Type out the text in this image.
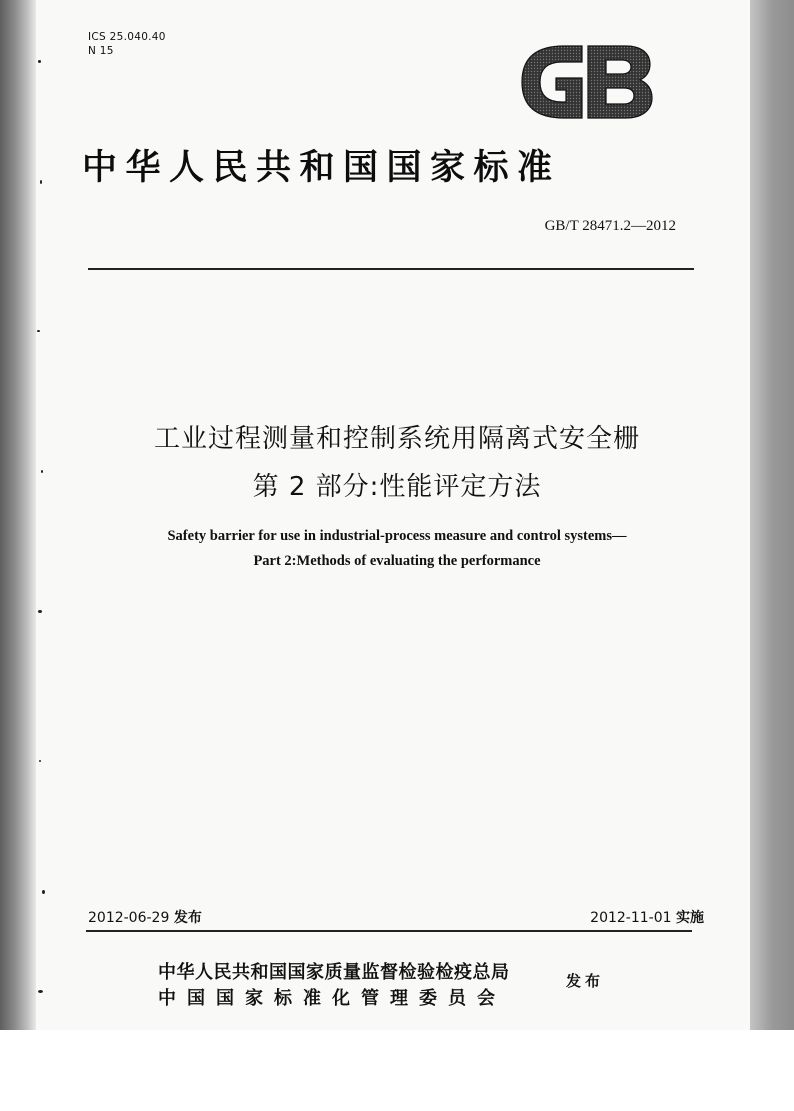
ICS 25.040.40
N 15
中华人民共和国国家标准
GB/T 28471.2—2012
工业过程测量和控制系统用隔离式安全栅
第 2 部分:性能评定方法
Safety barrier for use in industrial-process measure and control systems—
Part 2:Methods of evaluating the performance
2012-06-29 发布	2012-11-01 实施
中华人民共和国国家质量监督检验检疫总局
中国国家标准化管理委员会
发布
